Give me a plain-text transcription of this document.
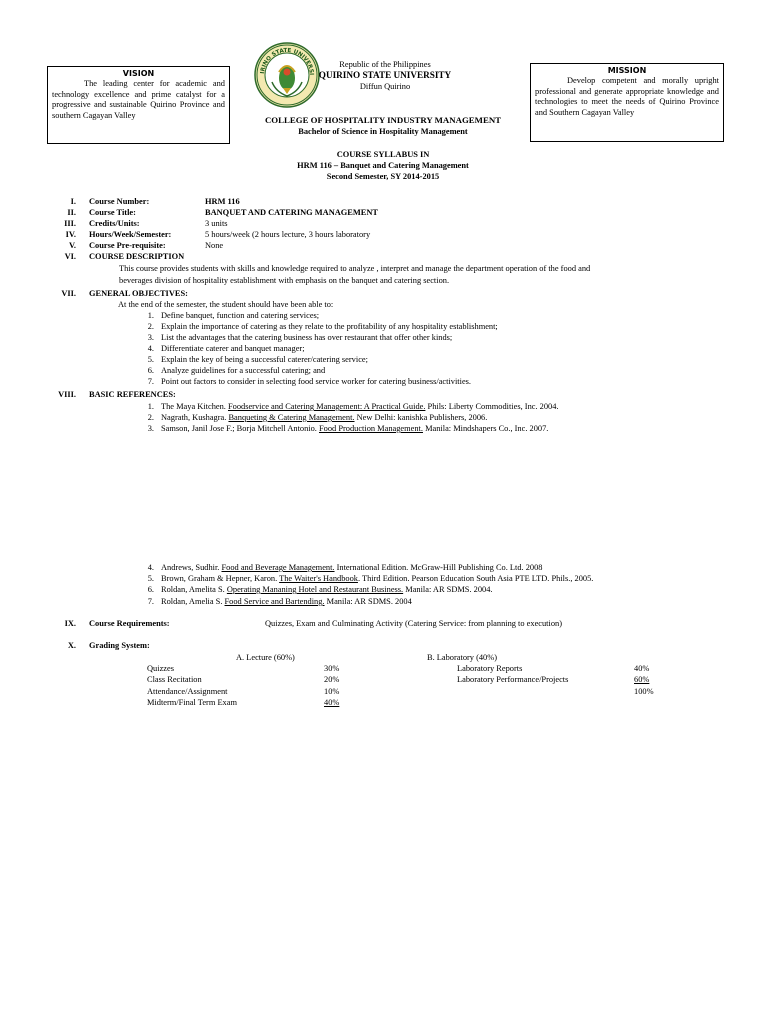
VISION
The leading center for academic and technology excellence and prime catalyst for a progressive and sustainable Quirino Province and southern Cagayan Valley
MISSION
Develop competent and morally upright professional and generate appropriate knowledge and technologies to meet the needs of Quirino Province and Southern Cagayan Valley
IRINO STATE UNIVERSI
Republic of the Philippines
QUIRINO STATE UNIVERSITY
Diffun Quirino
COLLEGE OF HOSPITALITY INDUSTRY MANAGEMENT
Bachelor of Science in Hospitality Management
COURSE SYLLABUS IN
HRM 116 – Banquet and Catering Management
Second Semester, SY 2014-2015
I. Course Number:	HRM 116
II. Course Title:	BANQUET AND CATERING MANAGEMENT
III. Credits/Units:	3 units
IV. Hours/Week/Semester:	5 hours/week (2 hours lecture, 3 hours laboratory
V. Course Pre-requisite:	None
VI. COURSE DESCRIPTION
This course provides students with skills and knowledge required to analyze , interpret and manage the department operation of the food and
beverages division of hospitality establishment with emphasis on the banquet and catering section.
VII. GENERAL OBJECTIVES:
At the end of the semester, the student should have been able to:
1. Define banquet, function and catering services;
2. Explain the importance of catering as they relate to the profitability of any hospitality establishment;
3. List the advantages that the catering business has over restaurant that offer other kinds;
4. Differentiate caterer and banquet manager;
5. Explain the key of being a successful caterer/catering service;
6. Analyze guidelines for a successful catering; and
7. Point out factors to consider in selecting food service worker for catering business/activities.
VIII. BASIC REFERENCES:
1. The Maya Kitchen. Foodservice and Catering Management: A Practical Guide. Phils: Liberty Commodities, Inc. 2004.
2. Nagrath, Kushagra. Banqueting & Catering Management. New Delhi: kanishka Publishers, 2006.
3. Samson, Janil Jose F.; Borja Mitchell Antonio. Food Production Management. Manila: Mindshapers Co., Inc. 2007.
4. Andrews, Sudhir. Food and Beverage Management. International Edition. McGraw-Hill Publishing Co. Ltd. 2008
5. Brown, Graham & Hepner, Karon. The Waiter's Handbook. Third Edition. Pearson Education South Asia PTE LTD. Phils., 2005.
6. Roldan, Amelita S. Operating Mananing Hotel and Restaurant Business. Manila: AR SDMS. 2004.
7. Roldan, Amelia S. Food Service and Bartending. Manila: AR SDMS. 2004
IX. Course Requirements:	Quizzes, Exam and Culminating Activity (Catering Service: from planning to execution)
X. Grading System:
A. Lecture (60%)
Quizzes	30%
Class Recitation	20%
Attendance/Assignment	10%
Midterm/Final Term Exam	40%
B. Laboratory (40%)
Laboratory Reports	40%
Laboratory Performance/Projects	60%
100%
